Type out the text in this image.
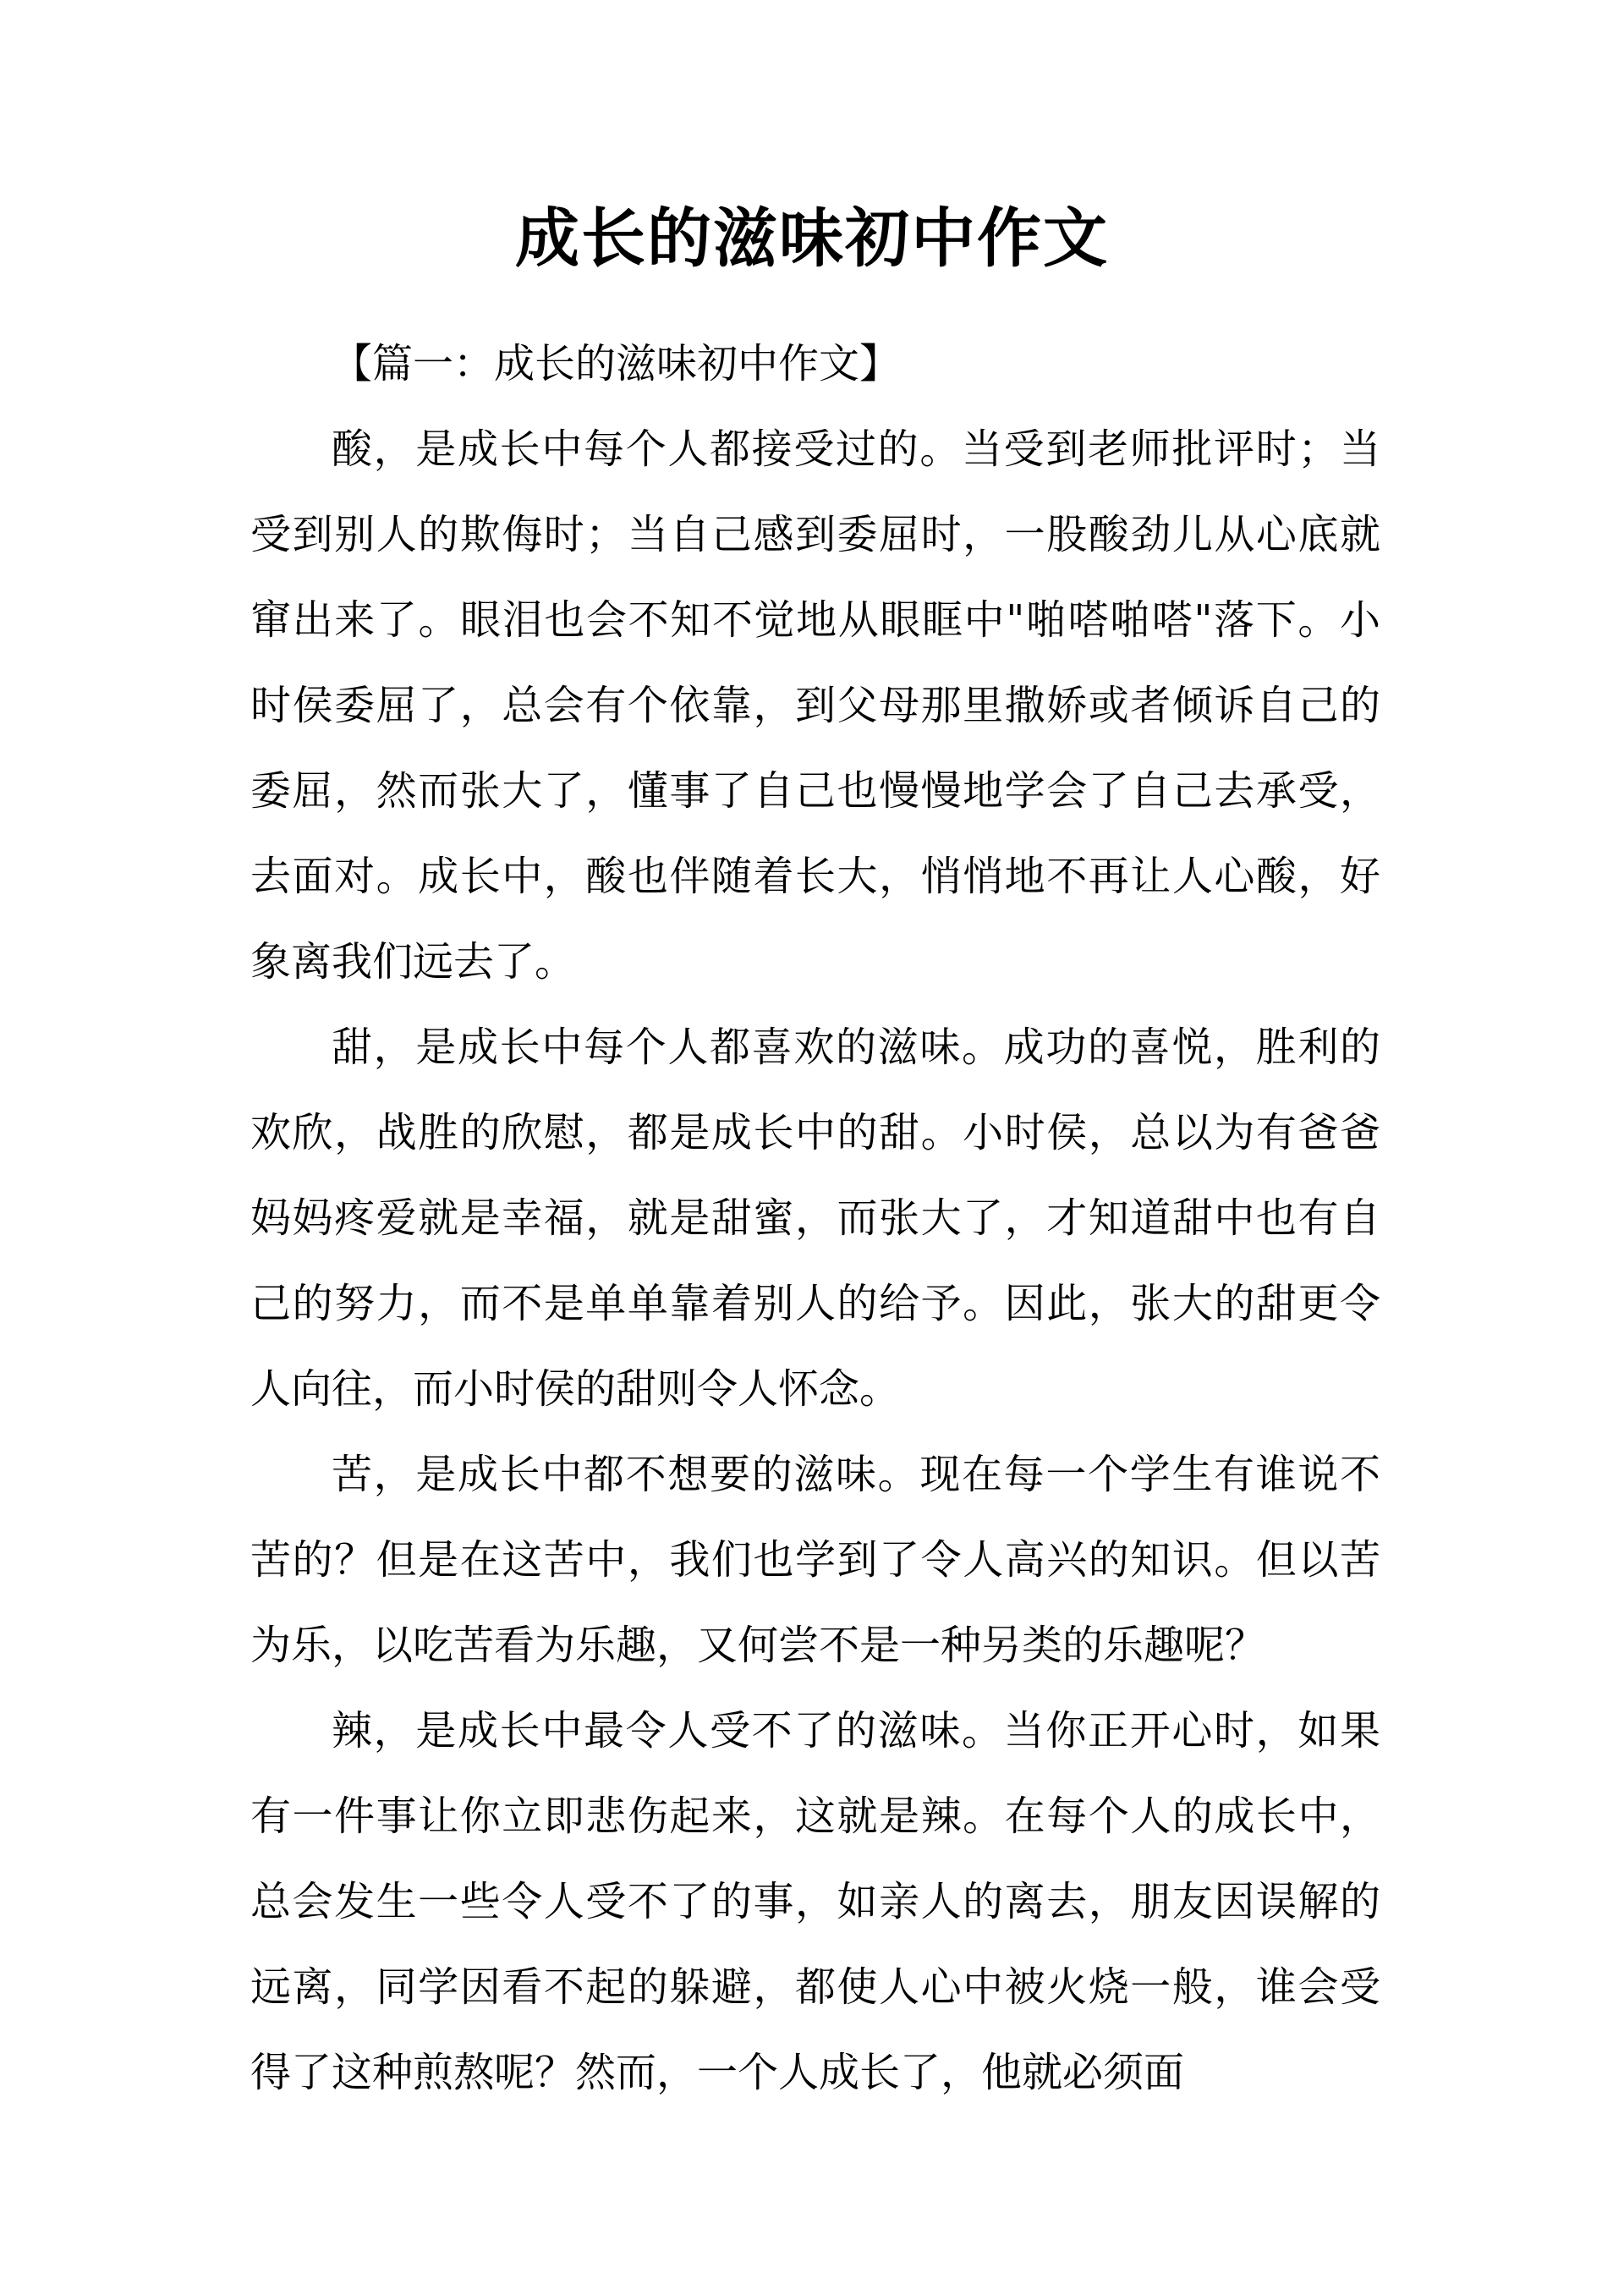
成长的滋味初中作文

【篇一：成长的滋味初中作文】

酸，是成长中每个人都接受过的。当受到老师批评时；当受到别人的欺侮时；当自己感到委屈时，一股酸劲儿从心底就窜出来了。眼泪也会不知不觉地从眼眶中"啪嗒啪嗒"落下。小时侯委屈了，总会有个依靠，到父母那里撒娇或者倾诉自己的委屈，然而张大了，懂事了自己也慢慢地学会了自己去承受，去面对。成长中，酸也伴随着长大，悄悄地不再让人心酸，好象离我们远去了。

甜，是成长中每个人都喜欢的滋味。成功的喜悦，胜利的欢欣，战胜的欣慰，都是成长中的甜。小时侯，总以为有爸爸妈妈疼爱就是幸福，就是甜蜜，而张大了，才知道甜中也有自己的努力，而不是单单靠着别人的给予。因此，张大的甜更令人向往，而小时侯的甜则令人怀念。

苦，是成长中都不想要的滋味。现在每一个学生有谁说不苦的？但是在这苦中，我们也学到了令人高兴的知识。但以苦为乐，以吃苦看为乐趣，又何尝不是一种另类的乐趣呢？

辣，是成长中最令人受不了的滋味。当你正开心时，如果有一件事让你立即悲伤起来，这就是辣。在每个人的成长中，总会发生一些令人受不了的事，如亲人的离去，朋友因误解的远离，同学因看不起的躲避，都使人心中被火烧一般，谁会受得了这种煎熬呢？然而，一个人成长了，他就必须面
